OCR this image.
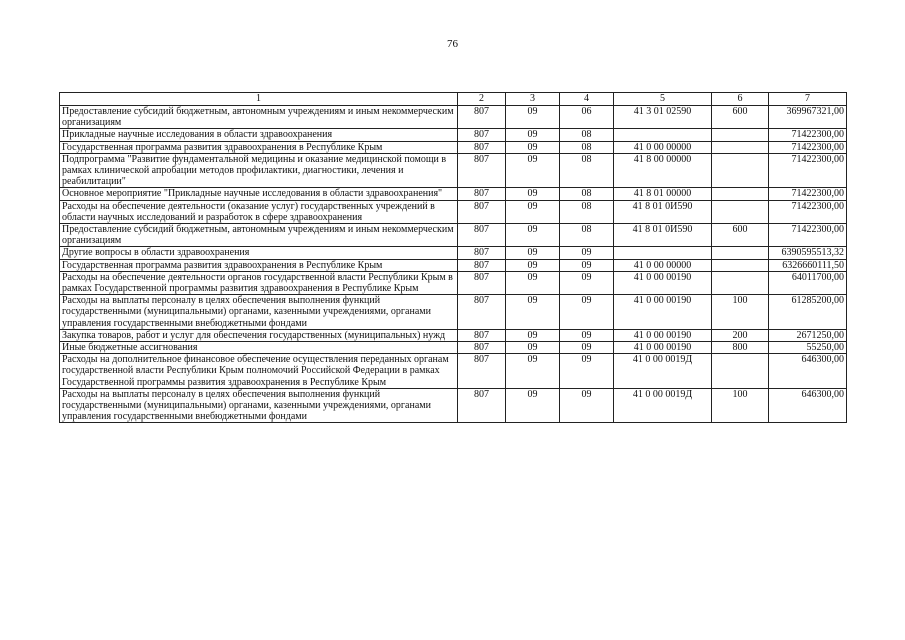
76
1	2	3	4	5	6	7
Предоставление субсидий бюджетным, автономным учреждениям и иным некоммерческим организациям	807	09	06	41 3 01 02590	600	369967321,00
Прикладные научные исследования в области здравоохранения	807	09	08			71422300,00
Государственная программа развития здравоохранения в Республике Крым	807	09	08	41 0 00 00000		71422300,00
Подпрограмма "Развитие фундаментальной медицины и оказание медицинской помощи в рамках клинической апробации методов профилактики, диагностики, лечения и реабилитации"	807	09	08	41 8 00 00000		71422300,00
Основное мероприятие "Прикладные научные исследования в области здравоохранения"	807	09	08	41 8 01 00000		71422300,00
Расходы на обеспечение деятельности (оказание услуг) государственных учреждений в области научных исследований и разработок в сфере здравоохранения	807	09	08	41 8 01 0И590		71422300,00
Предоставление субсидий бюджетным, автономным учреждениям и иным некоммерческим организациям	807	09	08	41 8 01 0И590	600	71422300,00
Другие вопросы в области здравоохранения	807	09	09			6390595513,32
Государственная программа развития здравоохранения в Республике Крым	807	09	09	41 0 00 00000		6326660111,50
Расходы на обеспечение деятельности органов государственной власти Республики Крым в рамках Государственной программы развития здравоохранения в Республике Крым	807	09	09	41 0 00 00190		64011700,00
Расходы на выплаты персоналу в целях обеспечения выполнения функций государственными (муниципальными) органами, казенными учреждениями, органами управления государственными внебюджетными фондами	807	09	09	41 0 00 00190	100	61285200,00
Закупка товаров, работ и услуг для обеспечения государственных (муниципальных) нужд	807	09	09	41 0 00 00190	200	2671250,00
Иные бюджетные ассигнования	807	09	09	41 0 00 00190	800	55250,00
Расходы на дополнительное финансовое обеспечение осуществления переданных органам государственной власти Республики Крым полномочий Российской Федерации в рамках Государственной программы развития здравоохранения в Республике Крым	807	09	09	41 0 00 0019Д		646300,00
Расходы на выплаты персоналу в целях обеспечения выполнения функций государственными (муниципальными) органами, казенными учреждениями, органами управления государственными внебюджетными фондами	807	09	09	41 0 00 0019Д	100	646300,00
